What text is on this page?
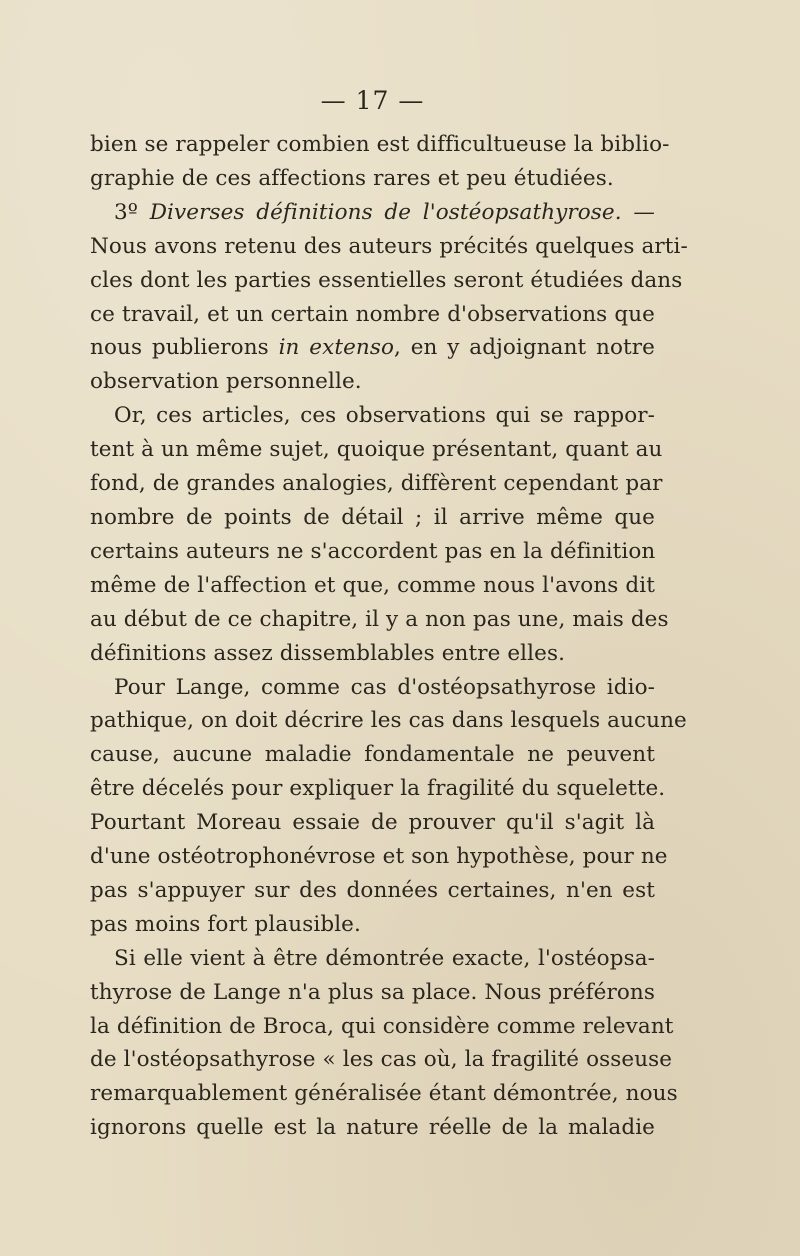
— 17 —

bien se rappeler combien est difficultueuse la biblio-
graphie de ces affections rares et peu étudiées.

3º Diverses définitions de l'ostéopsathyrose. —
Nous avons retenu des auteurs précités quelques arti-
cles dont les parties essentielles seront étudiées dans
ce travail, et un certain nombre d'observations que
nous publierons in extenso, en y adjoignant notre
observation personnelle.

Or, ces articles, ces observations qui se rappor-
tent à un même sujet, quoique présentant, quant au
fond, de grandes analogies, diffèrent cependant par
nombre de points de détail ; il arrive même que
certains auteurs ne s'accordent pas en la définition
même de l'affection et que, comme nous l'avons dit
au début de ce chapitre, il y a non pas une, mais des
définitions assez dissemblables entre elles.

Pour Lange, comme cas d'ostéopsathyrose idio-
pathique, on doit décrire les cas dans lesquels aucune
cause, aucune maladie fondamentale ne peuvent
être décelés pour expliquer la fragilité du squelette.
Pourtant Moreau essaie de prouver qu'il s'agit là
d'une ostéotrophonévrose et son hypothèse, pour ne
pas s'appuyer sur des données certaines, n'en est
pas moins fort plausible.

Si elle vient à être démontrée exacte, l'ostéopsa-
thyrose de Lange n'a plus sa place. Nous préférons
la définition de Broca, qui considère comme relevant
de l'ostéopsathyrose « les cas où, la fragilité osseuse
remarquablement généralisée étant démontrée, nous
ignorons quelle est la nature réelle de la maladie
